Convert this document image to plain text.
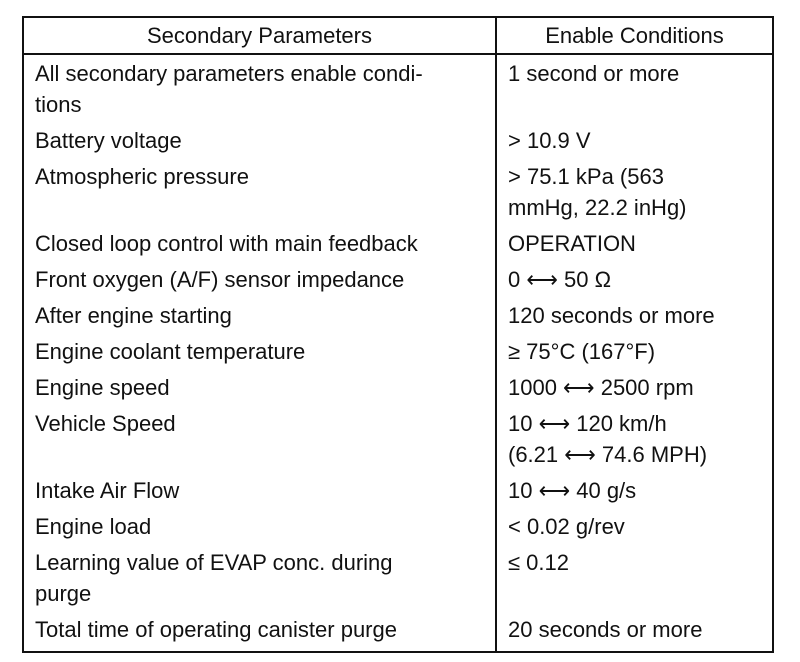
Secondary Parameters	Enable Conditions

All secondary parameters enable condi-
tions	1 second or more

Battery voltage	> 10.9 V

Atmospheric pressure	> 75.1 kPa (563
mmHg, 22.2 inHg)

Closed loop control with main feedback	OPERATION

Front oxygen (A/F) sensor impedance	0 ⟷ 50 Ω

After engine starting	120 seconds or more

Engine coolant temperature	≥ 75°C (167°F)

Engine speed	1000 ⟷ 2500 rpm

Vehicle Speed	10 ⟷ 120 km/h
(6.21 ⟷ 74.6 MPH)

Intake Air Flow	10 ⟷ 40 g/s

Engine load	< 0.02 g/rev

Learning value of EVAP conc. during
purge	≤ 0.12

Total time of operating canister purge	20 seconds or more
